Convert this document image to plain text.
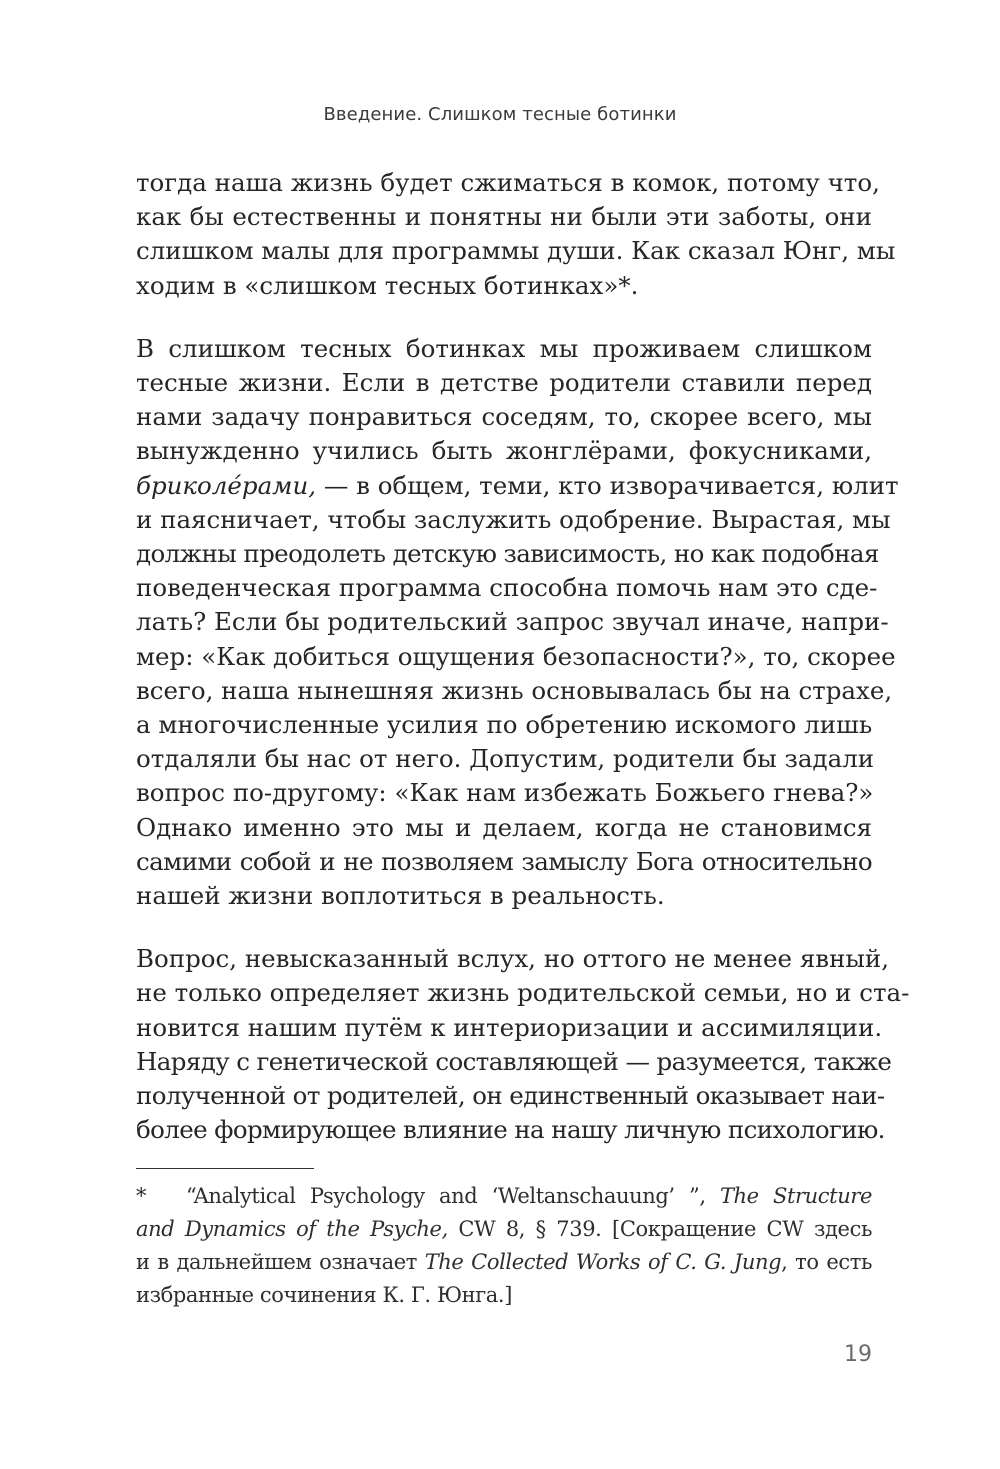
Введение. Слишком тесные ботинки

тогда наша жизнь будет сжиматься в комок, потому что,
как бы естественны и понятны ни были эти заботы, они
слишком малы для программы души. Как сказал Юнг, мы
ходим в «слишком тесных ботинках»*.

В слишком тесных ботинках мы проживаем слишком
тесные жизни. Если в детстве родители ставили перед
нами задачу понравиться соседям, то, скорее всего, мы
вынужденно учились быть жонглёрами, фокусниками,
бриколе́рами, — в общем, теми, кто изворачивается, юлит
и паясничает, чтобы заслужить одобрение. Вырастая, мы
должны преодолеть детскую зависимость, но как подобная
поведенческая программа способна помочь нам это сде-
лать? Если бы родительский запрос звучал иначе, напри-
мер: «Как добиться ощущения безопасности?», то, скорее
всего, наша нынешняя жизнь основывалась бы на страхе,
а многочисленные усилия по обретению искомого лишь
отдаляли бы нас от него. Допустим, родители бы задали
вопрос по-другому: «Как нам избежать Божьего гнева?»
Однако именно это мы и делаем, когда не становимся
самими собой и не позволяем замыслу Бога относительно
нашей жизни воплотиться в реальность.

Вопрос, невысказанный вслух, но оттого не менее явный,
не только определяет жизнь родительской семьи, но и ста-
новится нашим путём к интериоризации и ассимиляции.
Наряду с генетической составляющей — разумеется, также
полученной от родителей, он единственный оказывает наи-
более формирующее влияние на нашу личную психологию.

* “Analytical Psychology and ‘Weltanschauung’ ”, The Structure
and Dynamics of the Psyche, CW 8, § 739. [Сокращение CW здесь
и в дальнейшем означает The Collected Works of C. G. Jung, то есть
избранные сочинения К. Г. Юнга.]
19
